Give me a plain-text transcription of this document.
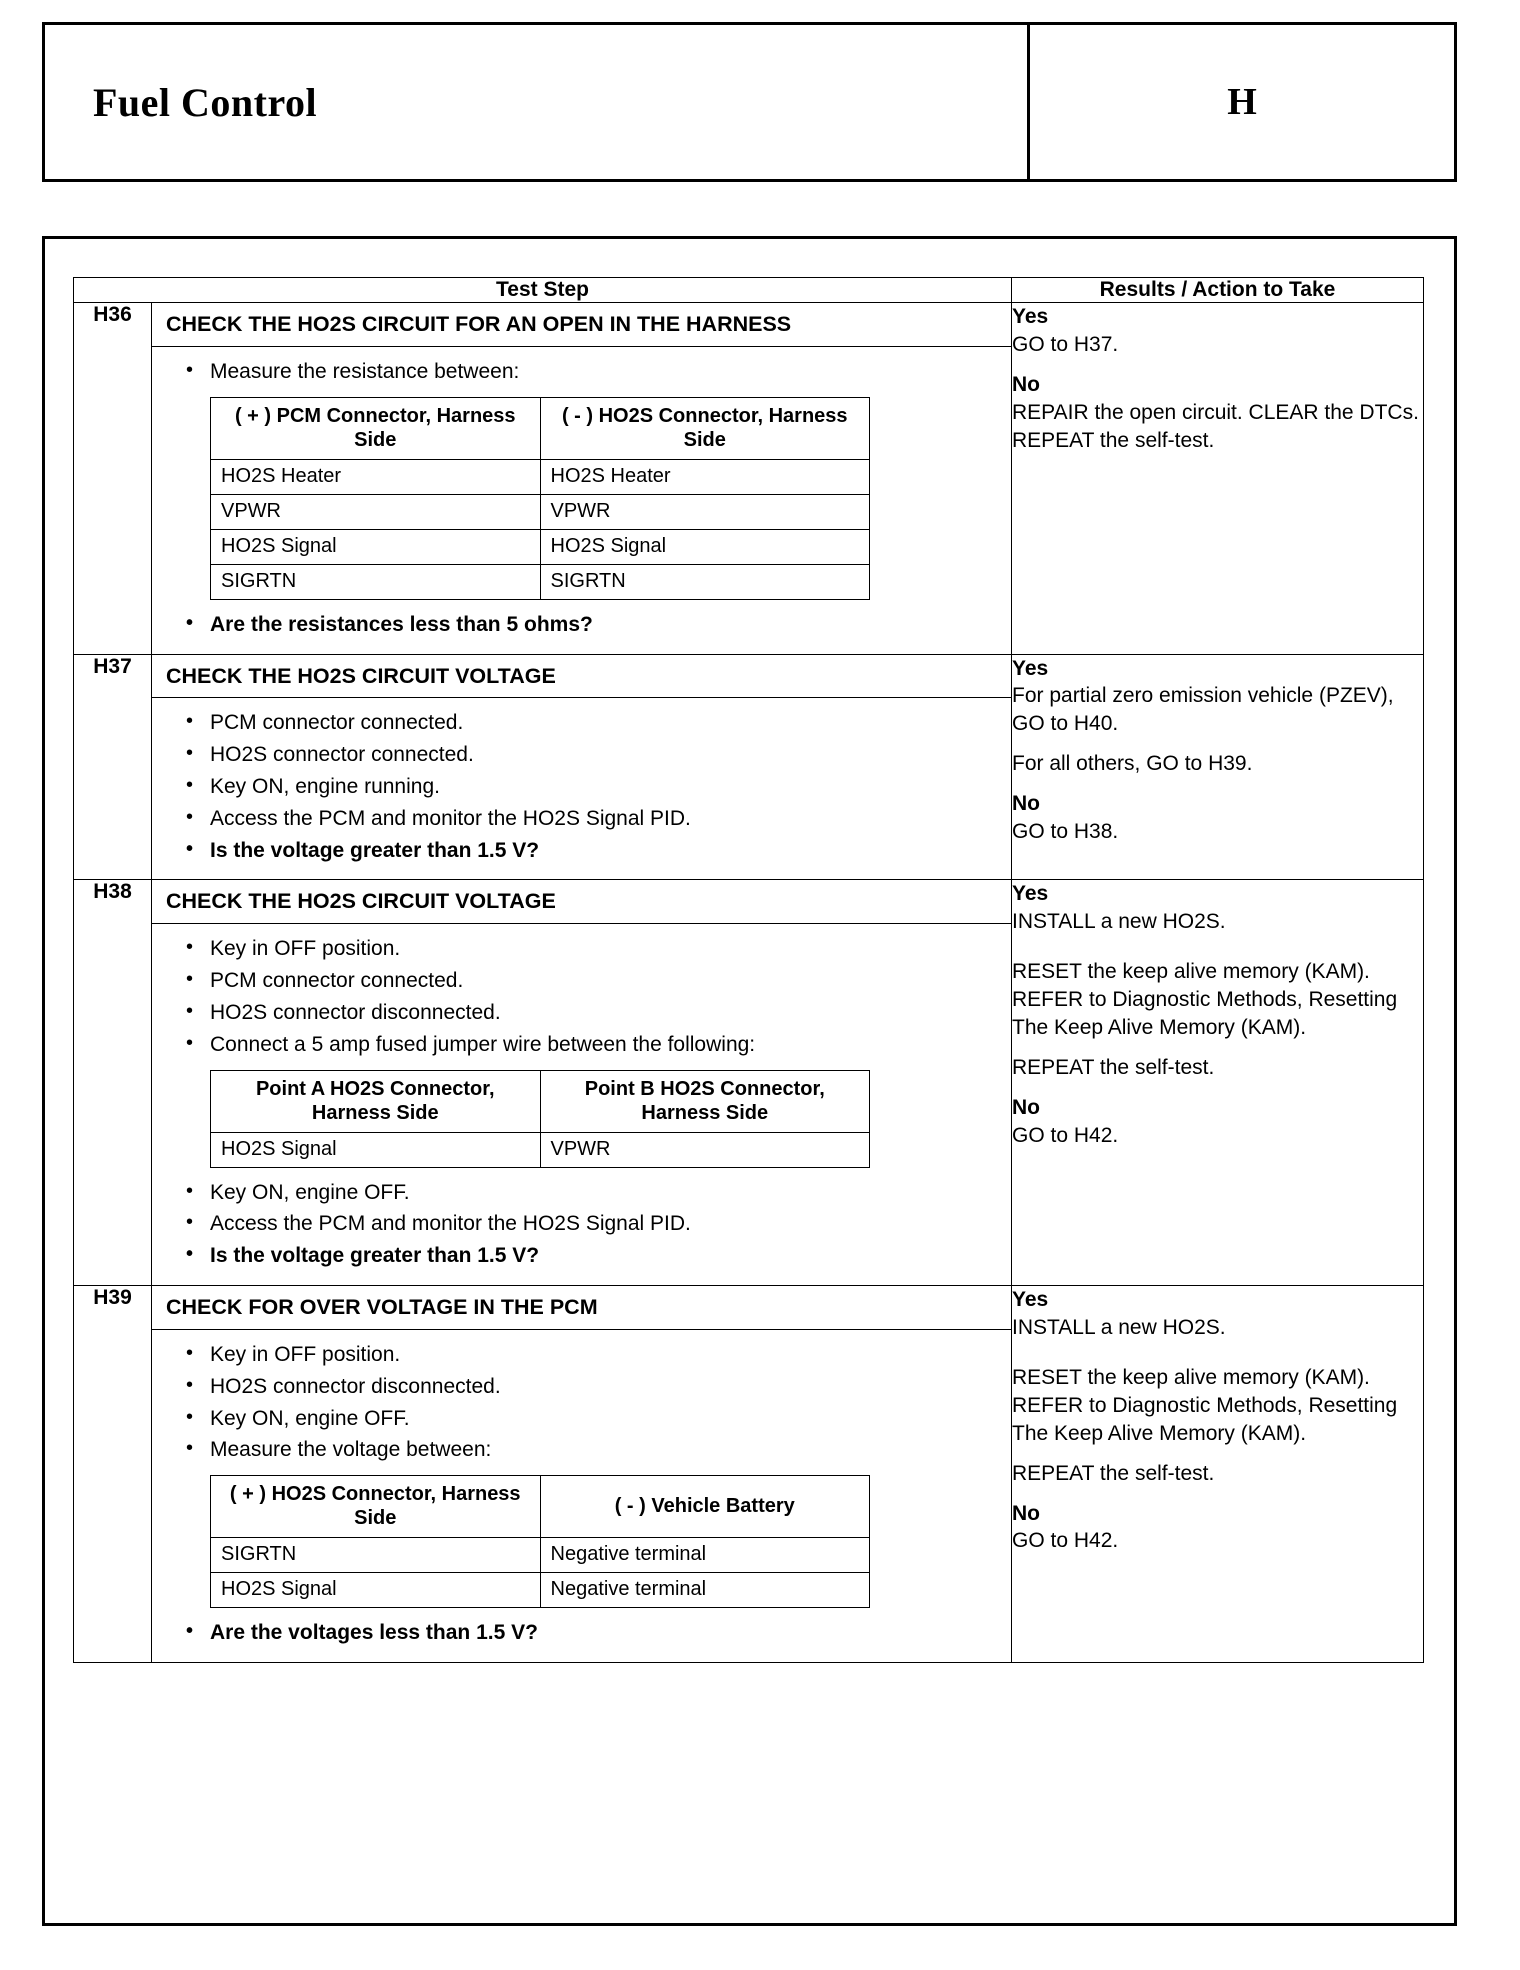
Fuel Control	H
Test Step	Results / Action to Take
H36	CHECK THE HO2S CIRCUIT FOR AN OPEN IN THE HARNESS
• Measure the resistance between:
( + ) PCM Connector, Harness Side	( - ) HO2S Connector, Harness Side
HO2S Heater	HO2S Heater
VPWR	VPWR
HO2S Signal	HO2S Signal
SIGRTN	SIGRTN
• Are the resistances less than 5 ohms?

Yes
GO to H37.

No
REPAIR the open circuit. CLEAR the DTCs. REPEAT the self-test.

H37	CHECK THE HO2S CIRCUIT VOLTAGE
• PCM connector connected.
• HO2S connector connected.
• Key ON, engine running.
• Access the PCM and monitor the HO2S Signal PID.
• Is the voltage greater than 1.5 V?

Yes
For partial zero emission vehicle (PZEV), GO to H40.

For all others, GO to H39.

No
GO to H38.

H38	CHECK THE HO2S CIRCUIT VOLTAGE
• Key in OFF position.
• PCM connector connected.
• HO2S connector disconnected.
• Connect a 5 amp fused jumper wire between the following:
Point A HO2S Connector, Harness Side	Point B HO2S Connector, Harness Side
HO2S Signal	VPWR
• Key ON, engine OFF.
• Access the PCM and monitor the HO2S Signal PID.
• Is the voltage greater than 1.5 V?

Yes
INSTALL a new HO2S.

RESET the keep alive memory (KAM). REFER to Diagnostic Methods, Resetting The Keep Alive Memory (KAM).

REPEAT the self-test.

No
GO to H42.

H39	CHECK FOR OVER VOLTAGE IN THE PCM
• Key in OFF position.
• HO2S connector disconnected.
• Key ON, engine OFF.
• Measure the voltage between:
( + ) HO2S Connector, Harness Side	( - ) Vehicle Battery
SIGRTN	Negative terminal
HO2S Signal	Negative terminal
• Are the voltages less than 1.5 V?

Yes
INSTALL a new HO2S.

RESET the keep alive memory (KAM). REFER to Diagnostic Methods, Resetting The Keep Alive Memory (KAM).

REPEAT the self-test.

No
GO to H42.
